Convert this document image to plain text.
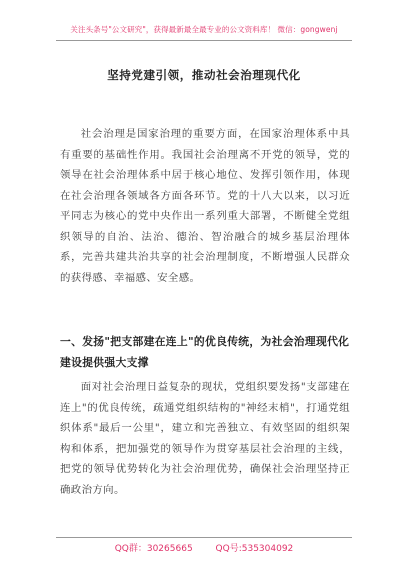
关注头条号"公文研究"，获得最新最全最专业的公文资料库！ 微信：gongwenj
坚持党建引领，推动社会治理现代化

社会治理是国家治理的重要方面，在国家治理体系中具有重要的基础性作用。我国社会治理离不开党的领导，党的领导在社会治理体系中居于核心地位、发挥引领作用，体现在社会治理各领域各方面各环节。党的十八大以来，以习近平同志为核心的党中央作出一系列重大部署，不断健全党组织领导的自治、法治、德治、智治融合的城乡基层治理体系，完善共建共治共享的社会治理制度，不断增强人民群众的获得感、幸福感、安全感。

一、发扬"把支部建在连上"的优良传统，为社会治理现代化建设提供强大支撑

面对社会治理日益复杂的现状，党组织要发扬"支部建在连上"的优良传统，疏通党组织结构的"神经末梢"，打通党组织体系"最后一公里"，建立和完善独立、有效坚固的组织架构和体系，把加强党的领导作为贯穿基层社会治理的主线，把党的领导优势转化为社会治理优势，确保社会治理坚持正确政治方向。

QQ群：30265665	QQ号:535304092
